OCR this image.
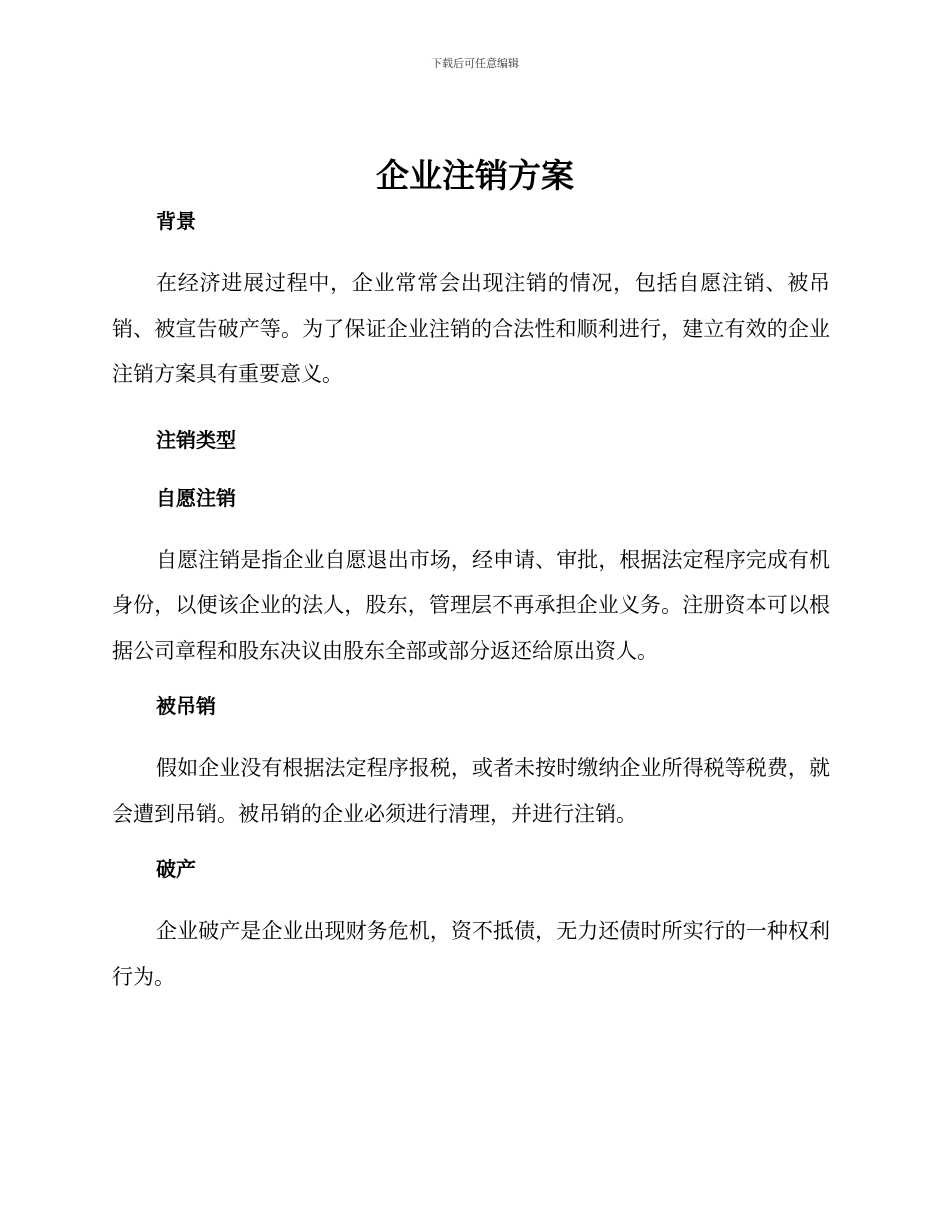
下载后可任意编辑
企业注销方案
背景

在经济进展过程中，企业常常会出现注销的情况，包括自愿注销、被吊销、被宣告破产等。为了保证企业注销的合法性和顺利进行，建立有效的企业注销方案具有重要意义。

注销类型
自愿注销

自愿注销是指企业自愿退出市场，经申请、审批，根据法定程序完成有机身份，以便该企业的法人，股东，管理层不再承担企业义务。注册资本可以根据公司章程和股东决议由股东全部或部分返还给原出资人。

被吊销

假如企业没有根据法定程序报税，或者未按时缴纳企业所得税等税费，就会遭到吊销。被吊销的企业必须进行清理，并进行注销。

破产

企业破产是企业出现财务危机，资不抵债，无力还债时所实行的一种权利行为。
